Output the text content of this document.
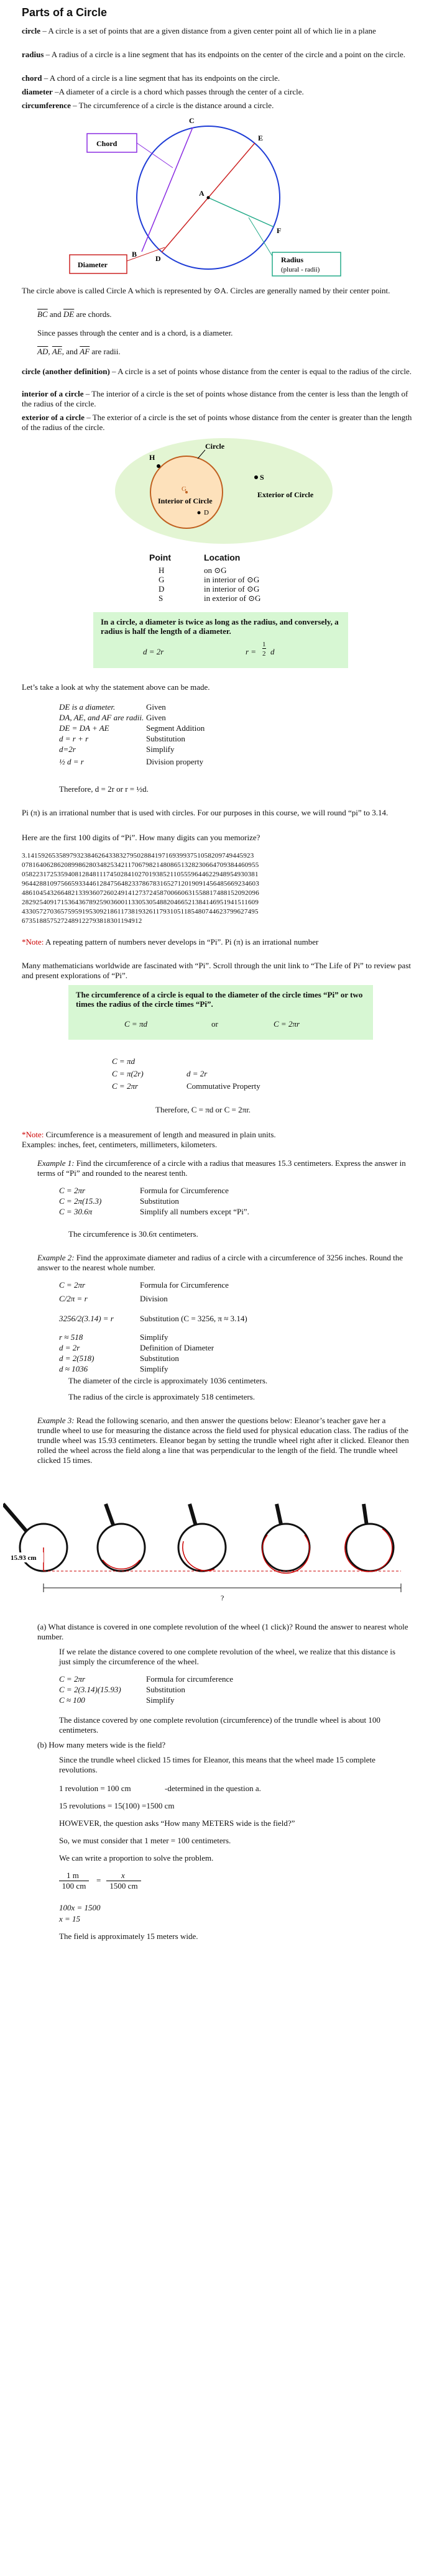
Parts of a Circle

circle – A circle is a set of points that are a given distance from a given center point all of which lie in a plane

radius – A radius of a circle is a line segment that has its endpoints on the center of the circle and a point on the circle.

chord – A chord of a circle is a line segment that has its endpoints on the circle.

diameter –A diameter of a circle is a chord which passes through the center of a circle.

circumference – The circumference of a circle is the distance around a circle.

C
E
A
B
F
D
Chord
Diameter
Radius
(plural - radii)

The circle above is called Circle A which is represented by ⊙A. Circles are generally named by their center point.

$\overline{BC}$ and $\overline{DE}$ are chords.

Since passes through the center and is a chord, is a diameter.

$\overline{AD}$, $\overline{AE}$, and $\overline{AF}$ are radii.

circle (another definition) – A circle is a set of points whose distance from the center is equal to the radius of the circle.

interior of a circle – The interior of a circle is the set of points whose distance from the center is less than the length of the radius of the circle.

exterior of a circle – The exterior of a circle is the set of points whose distance from the center is greater than the length of the radius of the circle.

Circle
H
G
D
S
Interior of Circle
Exterior of Circle
Point	Location
H	on ⊙G
G	in interior of ⊙G
D	in interior of ⊙G
S	in exterior of ⊙G

In a circle, a diameter is twice as long as the radius, and conversely, a radius is half the length of a diameter.

d = 2r	r =
1
2 d

Let’s take a look at why the statement above can be made.

DE is a diameter.	Given
DA, AE, and AF are radii. Given
DE = DA + AE	Segment Addition
d = r + r	Substitution
d=2r	Simplify
½ d = r	Division property

Therefore, d = 2r or r = ½d.

Pi (π) is an irrational number that is used with circles. For our purposes in this course, we will round “pi” to 3.14.

Here are the first 100 digits of “Pi”. How many digits can you memorize?

3.1415926535897932384626433832795028841971693993751058209749445923
0781640628620899862803482534211706798214808651328230664709384460955
0582231725359408128481117450284102701938521105559644622948954930381
9644288109756659334461284756482337867831652712019091456485669234603
4861045432664821339360726024914127372458700660631558817488152092096
2829254091715364367892590360011330530548820466521384146951941511609
4330572703657595919530921861173819326117931051185480744623799627495
6735188575272489122793818301194912

*Note: A repeating pattern of numbers never develops in “Pi”. Pi (π) is an irrational number

Many mathematicians worldwide are fascinated with “Pi”. Scroll through the unit link to “The Life of Pi” to review past and present explorations of “Pi”.

The circumference of a circle is equal to the diameter of the circle times “Pi” or two times the radius of the circle times “Pi”.

C = πd	or	C = 2πr
C = πd
C = π(2r)	d = 2r
C = 2πr	Commutative Property

Therefore, C = πd or C = 2πr.

*Note: Circumference is a measurement of length and measured in plain units.

Examples: inches, feet, centimeters, millimeters, kilometers.

Example 1: Find the circumference of a circle with a radius that measures 15.3 centimeters. Express the answer in terms of “Pi” and rounded to the nearest tenth.

C = 2πr	Formula for Circumference
C = 2π(15.3)	Substitution
C = 30.6π	Simplify all numbers except “Pi”.

The circumference is 30.6π centimeters.

Example 2: Find the approximate diameter and radius of a circle with a circumference of 3256 inches. Round the answer to the nearest whole number.

C = 2πr	Formula for Circumference
C/2π = r	Division
3256/2(3.14) = r	Substitution (C = 3256, π ≈ 3.14)
r ≈ 518	Simplify
d = 2r	Definition of Diameter
d = 2(518)	Substitution
d ≈ 1036	Simplify

The diameter of the circle is approximately 1036 centimeters.

The radius of the circle is approximately 518 centimeters.

Example 3: Read the following scenario, and then answer the questions below: Eleanor’s teacher gave her a trundle wheel to use for measuring the distance across the field used for physical education class. The radius of the trundle wheel was 15.93 centimeters. Eleanor began by setting the trundle wheel right after it clicked. Eleanor then rolled the wheel across the field along a line that was perpendicular to the length of the field. The trundle wheel clicked 15 times.

15.93 cm
?

(a) What distance is covered in one complete revolution of the wheel (1 click)? Round the answer to nearest whole number.

If we relate the distance covered to one complete revolution of the wheel, we realize that this distance is just simply the circumference of the wheel.

C = 2πr	Formula for circumference
C = 2(3.14)(15.93)	Substitution
C ≈ 100	Simplify

The distance covered by one complete revolution (circumference) of the trundle wheel is about 100 centimeters.

(b) How many meters wide is the field?

Since the trundle wheel clicked 15 times for Eleanor, this means that the wheel made 15 complete revolutions.

1 revolution = 100 cm	-determined in the question a.
15 revolutions = 15(100) =1500 cm

HOWEVER, the question asks “How many METERS wide is the field?”

So, we must consider that 1 meter = 100 centimeters.

We can write a proportion to solve the problem.

1 m
100 cm
=
x
1500 cm
100x = 1500
x = 15

The field is approximately 15 meters wide.
